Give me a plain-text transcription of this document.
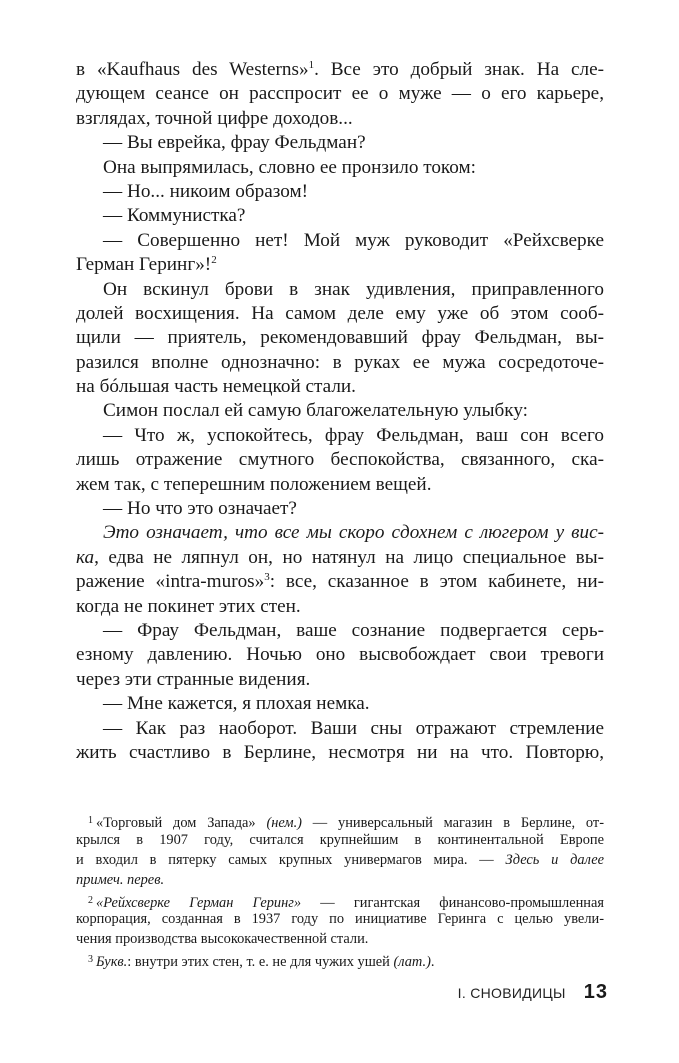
в «Kaufhaus des Westerns»$^1$. Все это добрый знак. На сле-
дующем сеансе он расспросит ее о муже — о его карьере,
взглядах, точной цифре доходов...
— Вы еврейка, фрау Фельдман?
Она выпрямилась, словно ее пронзило током:
— Но... никоим образом!
— Коммунистка?
— Совершенно нет! Мой муж руководит «Рейхсверке
Герман Геринг»!$^2$
Он вскинул брови в знак удивления, приправленного
долей восхищения. На самом деле ему уже об этом сооб-
щили — приятель, рекомендовавший фрау Фельдман, вы-
разился вполне однозначно: в руках ее мужа сосредоточе-
на бóльшая часть немецкой стали.
Симон послал ей самую благожелательную улыбку:
— Что ж, успокойтесь, фрау Фельдман, ваш сон всего
лишь отражение смутного беспокойства, связанного, ска-
жем так, с теперешним положением вещей.
— Но что это означает?
Это означает, что все мы скоро сдохнем с люгером у вис-
ка, едва не ляпнул он, но натянул на лицо специальное вы-
ражение «intra-muros»$^3$: все, сказанное в этом кабинете, ни-
когда не покинет этих стен.
— Фрау Фельдман, ваше сознание подвергается серь-
езному давлению. Ночью оно высвобождает свои тревоги
через эти странные видения.
— Мне кажется, я плохая немка.
— Как раз наоборот. Ваши сны отражают стремление
жить счастливо в Берлине, несмотря ни на что. Повторю,
$^1$ «Торговый дом Запада» (нем.) — универсальный магазин в Берлине, от-
крылся в 1907 году, считался крупнейшим в континентальной Европе
и входил в пятерку самых крупных универмагов мира. — Здесь и далее
примеч. перев.
$^2$ «Рейхсверке Герман Геринг» — гигантская финансово-промышленная
корпорация, созданная в 1937 году по инициативе Геринга с целью увели-
чения производства высококачественной стали.
$^3$ Букв.: внутри этих стен, т. е. не для чужих ушей (лат.).
I. СНОВИДИЦЫ 13
